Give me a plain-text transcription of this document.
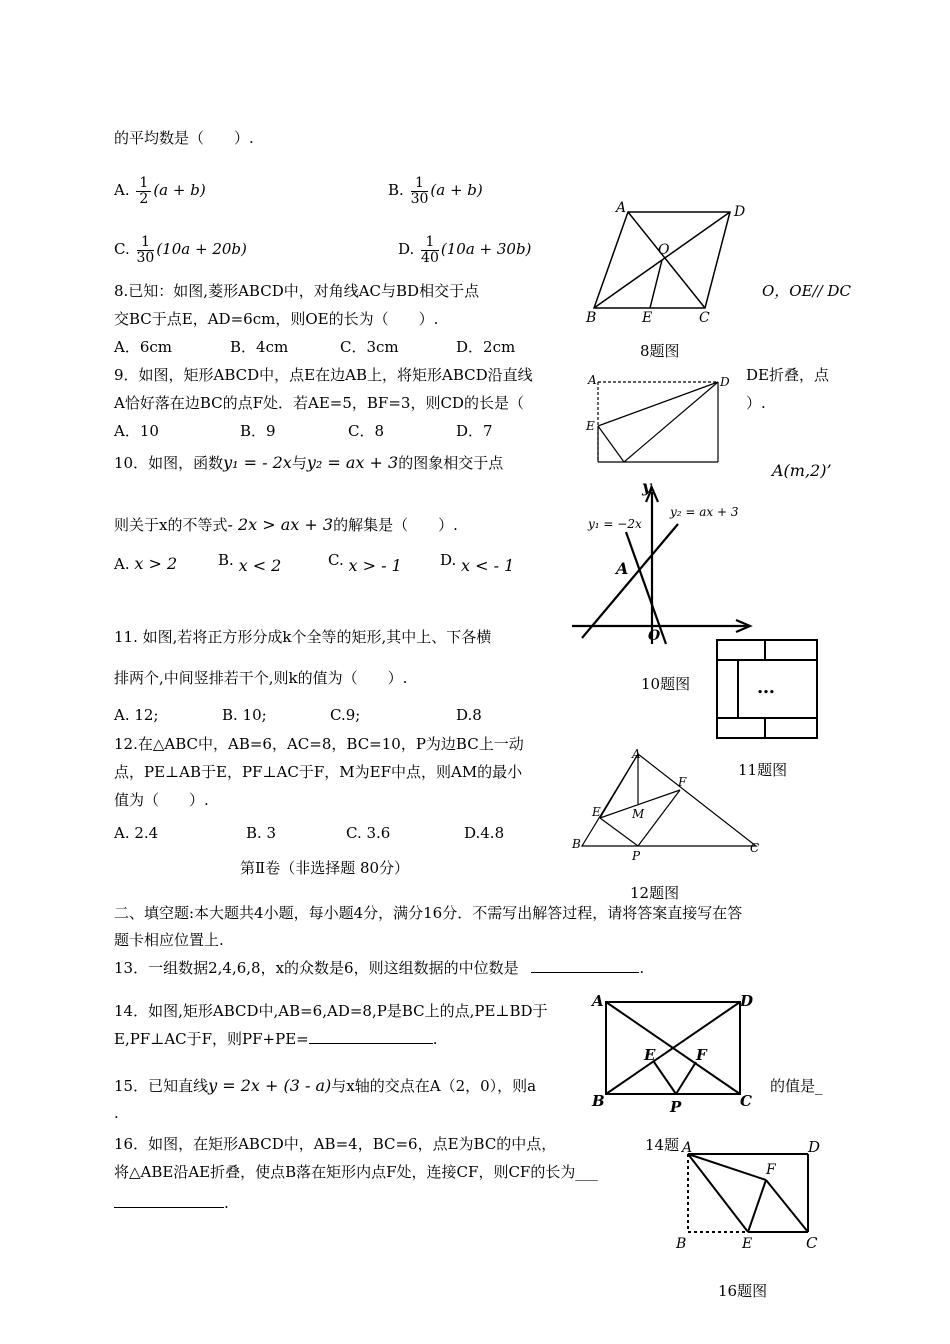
的平均数是（　　）.
A. $\frac{1}{2} (a + b)$	B. $\frac{1}{30} (a + b)$
C. $\frac{1}{30} (10a + 20b)$	D. $\frac{1}{40} (10a + 30b)$
A	D
O
B	E	C
8.已知：如图,菱形ABCD中，对角线AC与BD相交于点	O，OE// DC
交BC于点E，AD=6cm，则OE的长为（　　）.
A．6cm	B．4cm	C．3cm	D．2cm	8题图
A	D
E
9．如图，矩形ABCD中，点E在边AB上，将矩形ABCD沿直线	DE折叠，点
A恰好落在边BC的点F处．若AE=5，BF=3，则CD的长是（	）.
A．10	B．9	C．8	D．7
10．如图，函数y₁ = - 2x与y₂ = ax + 3的图象相交于点	A(m,2)’
则关于x的不等式- 2x > ax + 3的解集是（　　）.
A. x > 2	B. x < 2	C. x > - 1	D. x < - 1
y
O
A
y₁ = −2x
y₂ = ax + 3
11. 如图,若将正方形分成k个全等的矩形,其中上、下各横
排两个,中间竖排若干个,则k的值为（　　）.	10题图
A. 12;	B. 10;	C.9;	D.8
…
11题图
12.在△ABC中，AB=6，AC=8，BC=10，P为边BC上一动
点，PE⊥AB于E，PF⊥AC于F，M为EF中点，则AM的最小
值为（　　）.
A. 2.4	B. 3	C. 3.6	D.4.8
A
F
E	M
B
P
C
第Ⅱ卷（非选择题 80分）
12题图
二、填空题:本大题共4小题，每小题4分，满分16分．不需写出解答过程，请将答案直接写在答
题卡相应位置上.
13．一组数据2,4,6,8，x的众数是6，则这组数据的中位数是	.
14．如图,矩形ABCD中,AB=6,AD=8,P是BC上的点,PE⊥BD于
E,PF⊥AC于F，则PF+PE=	.
A	D
E	F
B	P	C
15．已知直线y = 2x + (3 - a)与x轴的交点在A（2，0），则a	的值是_
.
16．如图，在矩形ABCD中，AB=4，BC=6，点E为BC的中点，	14题
将△ABE沿AE折叠，使点B落在矩形内点F处，连接CF，则CF的长为___
.
A	D
F
B	E	C
16题图
